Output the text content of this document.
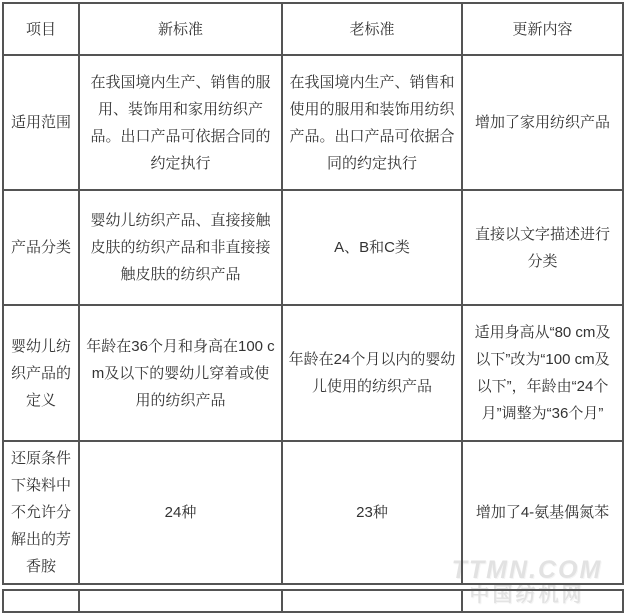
TTMN.COM
中国纺机网
项目	新标准	老标准	更新内容
适用范围	在我国境内生产、销售的服用、装饰用和家用纺织产品。出口产品可依据合同的约定执行	在我国境内生产、销售和使用的服用和装饰用纺织产品。出口产品可依据合同的约定执行	增加了家用纺织产品
产品分类	婴幼儿纺织产品、直接接触皮肤的纺织产品和非直接接触皮肤的纺织产品	A、B和C类	直接以文字描述进行分类
婴幼儿纺织产品的定义	年龄在36个月和身高在100 cm及以下的婴幼儿穿着或使用的纺织产品	年龄在24个月以内的婴幼儿使用的纺织产品	适用身高从“80 cm及以下”改为“100 cm及以下”，年龄由“24个月”调整为“36个月”
还原条件下染料中不允许分解出的芳香胺	24种	23种	增加了4-氨基偶氮苯
